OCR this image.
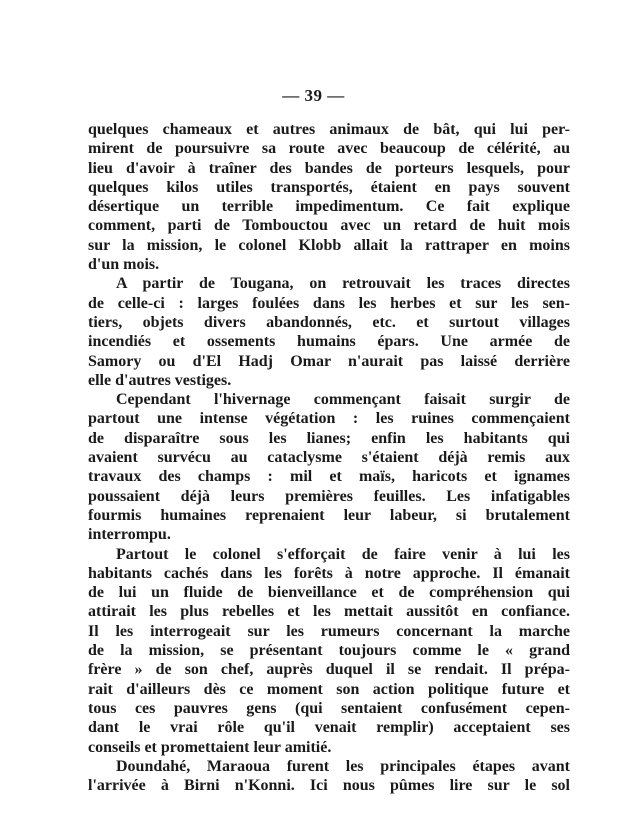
— 39 —
quelques chameaux et autres animaux de bât, qui lui per-
mirent de poursuivre sa route avec beaucoup de célérité, au
lieu d'avoir à traîner des bandes de porteurs lesquels, pour
quelques kilos utiles transportés, étaient en pays souvent
désertique un terrible impedimentum. Ce fait explique
comment, parti de Tombouctou avec un retard de huit mois
sur la mission, le colonel Klobb allait la rattraper en moins
d'un mois.
A partir de Tougana, on retrouvait les traces directes
de celle-ci : larges foulées dans les herbes et sur les sen-
tiers, objets divers abandonnés, etc. et surtout villages
incendiés et ossements humains épars. Une armée de
Samory ou d'El Hadj Omar n'aurait pas laissé derrière
elle d'autres vestiges.
Cependant l'hivernage commençant faisait surgir de
partout une intense végétation : les ruines commençaient
de disparaître sous les lianes; enfin les habitants qui
avaient survécu au cataclysme s'étaient déjà remis aux
travaux des champs : mil et maïs, haricots et ignames
poussaient déjà leurs premières feuilles. Les infatigables
fourmis humaines reprenaient leur labeur, si brutalement
interrompu.
Partout le colonel s'efforçait de faire venir à lui les
habitants cachés dans les forêts à notre approche. Il émanait
de lui un fluide de bienveillance et de compréhension qui
attirait les plus rebelles et les mettait aussitôt en confiance.
Il les interrogeait sur les rumeurs concernant la marche
de la mission, se présentant toujours comme le « grand
frère » de son chef, auprès duquel il se rendait. Il prépa-
rait d'ailleurs dès ce moment son action politique future et
tous ces pauvres gens (qui sentaient confusément cepen-
dant le vrai rôle qu'il venait remplir) acceptaient ses
conseils et promettaient leur amitié.
Doundahé, Maraoua furent les principales étapes avant
l'arrivée à Birni n'Konni. Ici nous pûmes lire sur le sol
